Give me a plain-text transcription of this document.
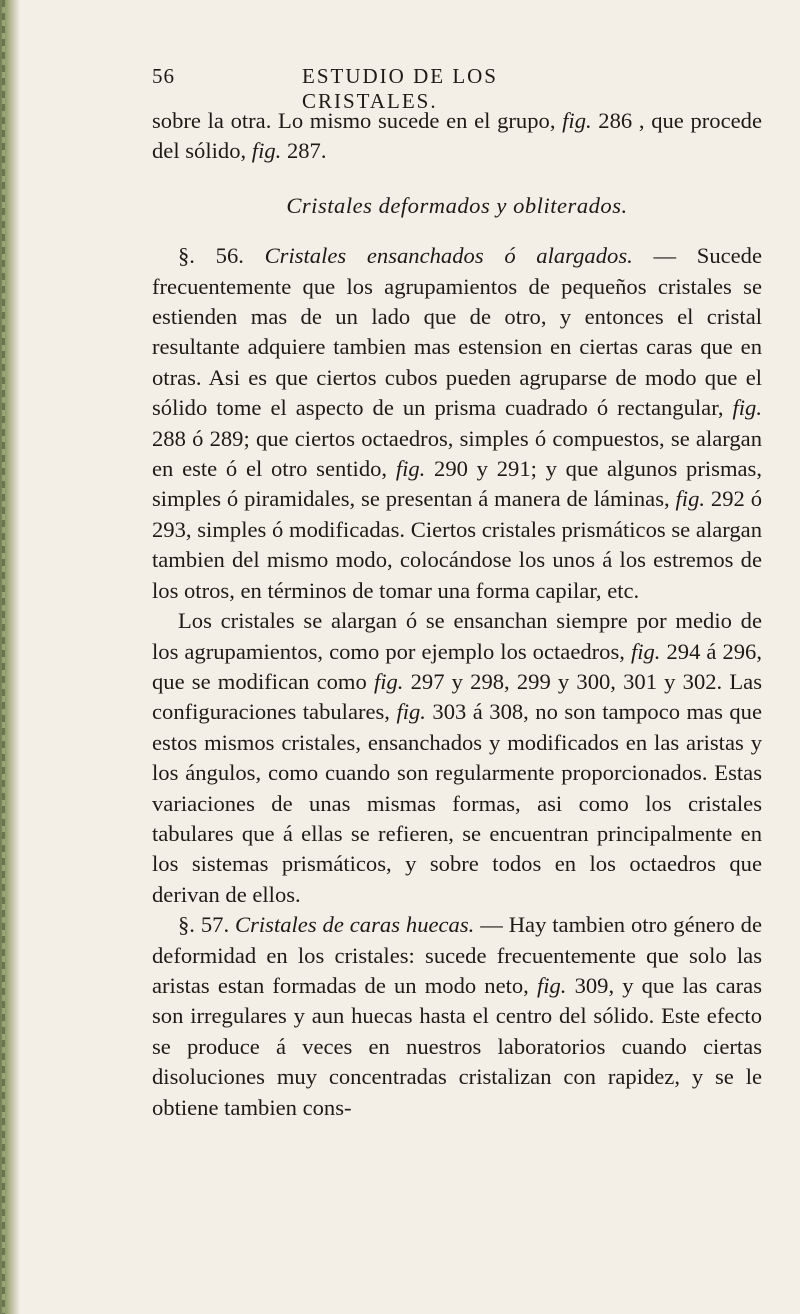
56	ESTUDIO DE LOS CRISTALES.

sobre la otra. Lo mismo sucede en el grupo, fig. 286 , que procede del sólido, fig. 287.

Cristales deformados y obliterados.

§. 56. Cristales ensanchados ó alargados. — Sucede frecuentemente que los agrupamientos de pequeños cristales se estienden mas de un lado que de otro, y entonces el cristal resultante adquiere tambien mas estension en ciertas caras que en otras. Asi es que ciertos cubos pueden agruparse de modo que el sólido tome el aspecto de un prisma cuadrado ó rectangular, fig. 288 ó 289; que ciertos octaedros, simples ó compuestos, se alargan en este ó el otro sentido, fig. 290 y 291; y que algunos prismas, simples ó piramidales, se presentan á manera de láminas, fig. 292 ó 293, simples ó modificadas. Ciertos cristales prismáticos se alargan tambien del mismo modo, colocándose los unos á los estremos de los otros, en términos de tomar una forma capilar, etc.

Los cristales se alargan ó se ensanchan siempre por medio de los agrupamientos, como por ejemplo los octaedros, fig. 294 á 296, que se modifican como fig. 297 y 298, 299 y 300, 301 y 302. Las configuraciones tabulares, fig. 303 á 308, no son tampoco mas que estos mismos cristales, ensanchados y modificados en las aristas y los ángulos, como cuando son regularmente proporcionados. Estas variaciones de unas mismas formas, asi como los cristales tabulares que á ellas se refieren, se encuentran principalmente en los sistemas prismáticos, y sobre todos en los octaedros que derivan de ellos.

§. 57. Cristales de caras huecas. — Hay tambien otro género de deformidad en los cristales: sucede frecuentemente que solo las aristas estan formadas de un modo neto, fig. 309, y que las caras son irregulares y aun huecas hasta el centro del sólido. Este efecto se produce á veces en nuestros laboratorios cuando ciertas disoluciones muy concentradas cristalizan con rapidez, y se le obtiene tambien cons-
